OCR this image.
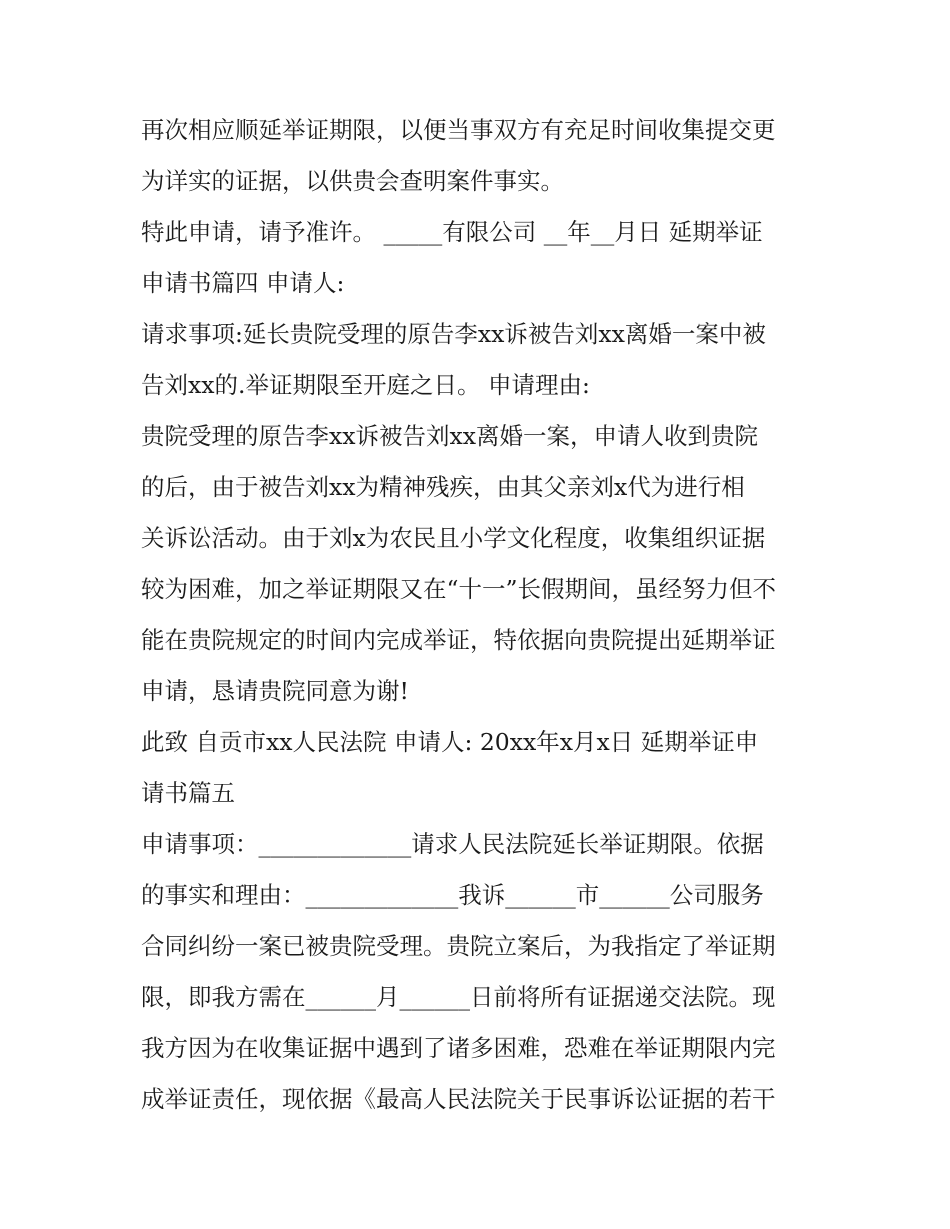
再次相应顺延举证期限，以便当事双方有充足时间收集提交更
为详实的证据，以供贵会查明案件事实。
特此申请，请予准许。 _____有限公司 __年__月日 延期举证
申请书篇四 申请人:
请求事项:延长贵院受理的原告李xx诉被告刘xx离婚一案中被
告刘xx的.举证期限至开庭之日。 申请理由:
贵院受理的原告李xx诉被告刘xx离婚一案，申请人收到贵院
的后，由于被告刘xx为精神残疾，由其父亲刘x代为进行相
关诉讼活动。由于刘x为农民且小学文化程度，收集组织证据
较为困难，加之举证期限又在“十一”长假期间，虽经努力但不
能在贵院规定的时间内完成举证，特依据向贵院提出延期举证
申请，恳请贵院同意为谢!
此致 自贡市xx人民法院 申请人: 20xx年x月x日 延期举证申
请书篇五
申请事项：_____________请求人民法院延长举证期限。依据
的事实和理由：_____________我诉______市______公司服务
合同纠纷一案已被贵院受理。贵院立案后，为我指定了举证期
限，即我方需在______月______日前将所有证据递交法院。现
我方因为在收集证据中遇到了诸多困难，恐难在举证期限内完
成举证责任，现依据《最高人民法院关于民事诉讼证据的若干
